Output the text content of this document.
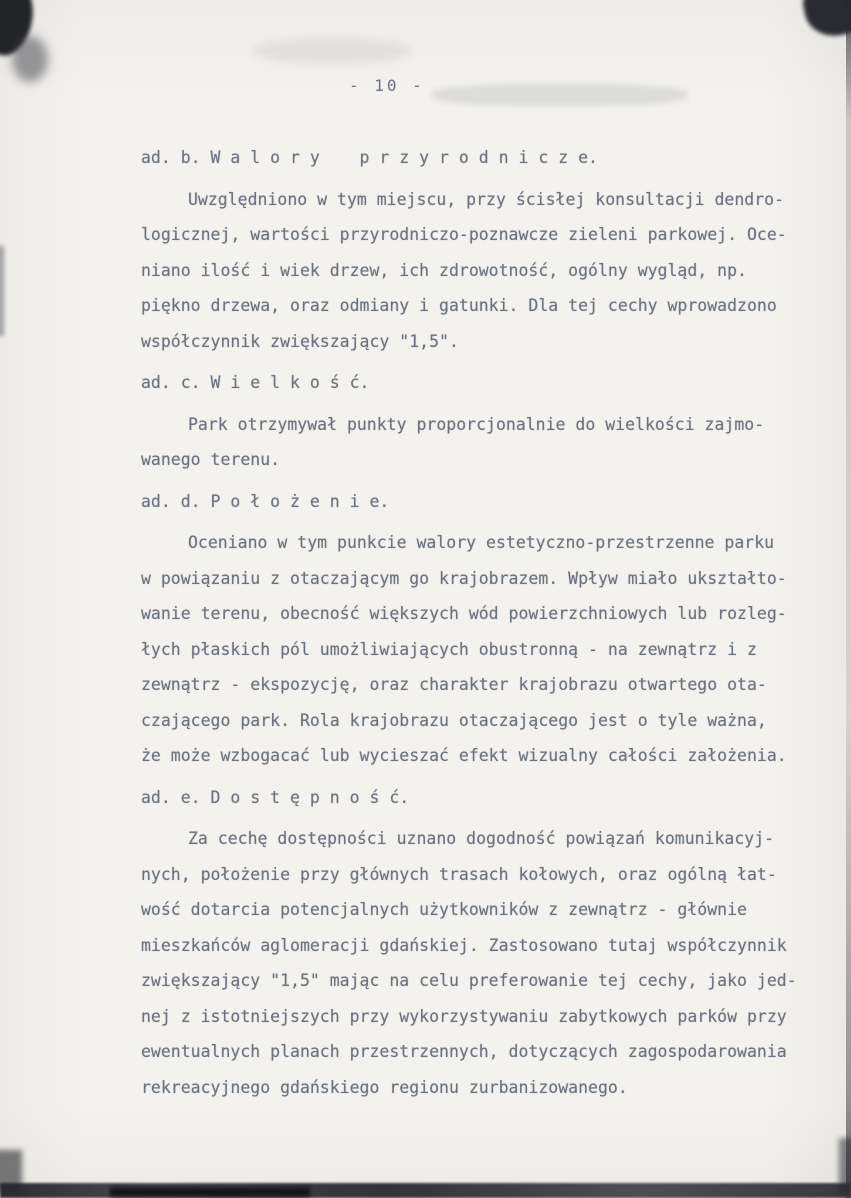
- 10 -
ad. b. W a l o r y    p r z y r o d n i c z e.
Uwzględniono w tym miejscu, przy ścisłej konsultacji dendro-
logicznej, wartości przyrodniczo-poznawcze zieleni parkowej. Oce-
niano ilość i wiek drzew, ich zdrowotność, ogólny wygląd, np.
piękno drzewa, oraz odmiany i gatunki. Dla tej cechy wprowadzono
współczynnik zwiększający "1,5".
ad. c. W i e l k o ś ć.
Park otrzymywał punkty proporcjonalnie do wielkości zajmo-
wanego terenu.
ad. d. P o ł o ż e n i e.
Oceniano w tym punkcie walory estetyczno-przestrzenne parku
w powiązaniu z otaczającym go krajobrazem. Wpływ miało ukształto-
wanie terenu, obecność większych wód powierzchniowych lub rozleg-
łych płaskich pól umożliwiających obustronną - na zewnątrz i z
zewnątrz - ekspozycję, oraz charakter krajobrazu otwartego ota-
czającego park. Rola krajobrazu otaczającego jest o tyle ważna,
że może wzbogacać lub wycieszać efekt wizualny całości założenia.
ad. e. D o s t ę p n o ś ć.
Za cechę dostępności uznano dogodność powiązań komunikacyj-
nych, położenie przy głównych trasach kołowych, oraz ogólną łat-
wość dotarcia potencjalnych użytkowników z zewnątrz - głównie
mieszkańców aglomeracji gdańskiej. Zastosowano tutaj współczynnik
zwiększający "1,5" mając na celu preferowanie tej cechy, jako jed-
nej z istotniejszych przy wykorzystywaniu zabytkowych parków przy
ewentualnych planach przestrzennych, dotyczących zagospodarowania
rekreacyjnego gdańskiego regionu zurbanizowanego.
